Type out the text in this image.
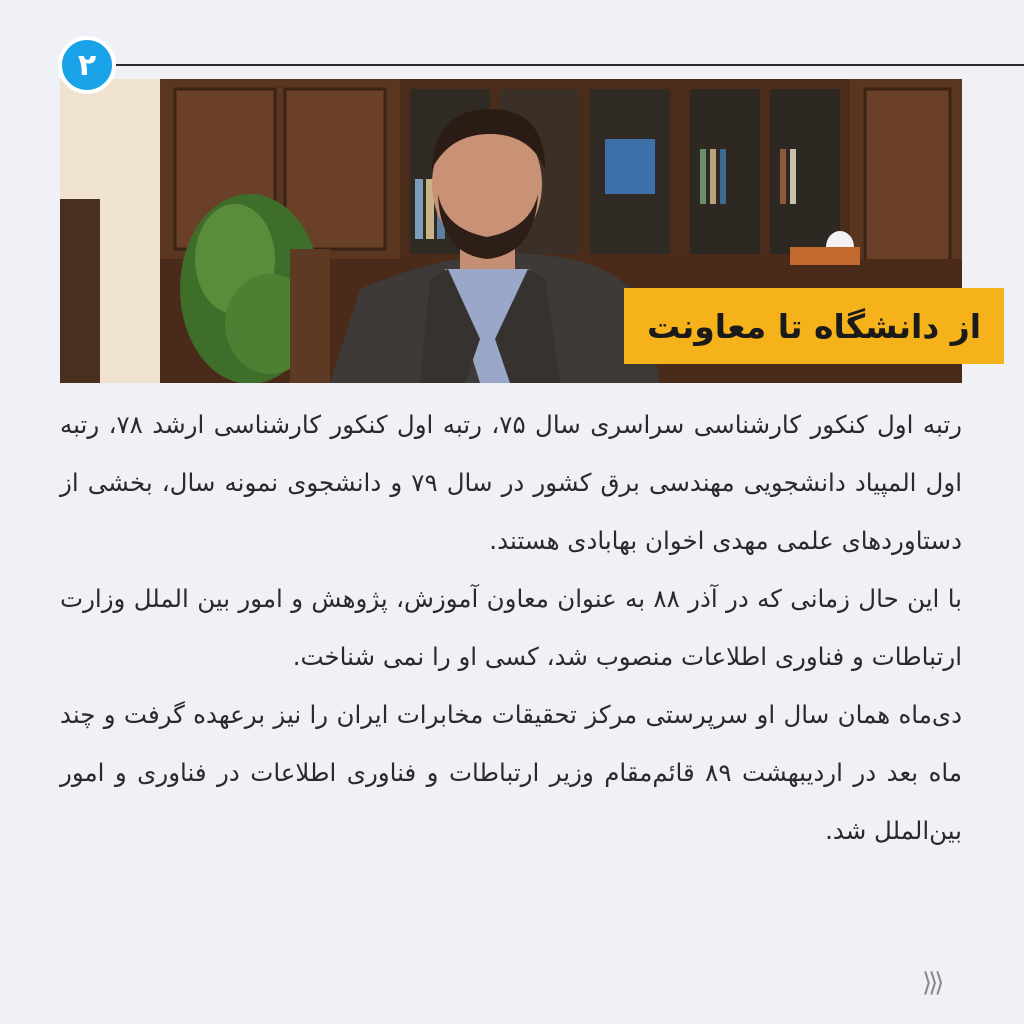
۲
از دانشگاه تا معاونت

رتبه اول کنکور کارشناسی سراسری سال ۷۵، رتبه اول کنکور کارشناسی ارشد ۷۸، رتبه اول المپیاد دانشجویی مهندسی برق کشور در سال ۷۹ و دانشجوی نمونه سال، بخشی از دستاوردهای علمی مهدی اخوان بهابادی هستند.

با این حال زمانی که در آذر ۸۸ به عنوان معاون آموزش، پژوهش و امور بین الملل وزارت ارتباطات و فناوری اطلاعات منصوب شد، کسی او را نمی شناخت.

دی‌ماه همان سال او سرپرستی مرکز تحقیقات مخابرات ایران را نیز برعهده گرفت و چند ماه بعد در اردیبهشت ۸۹ قائم‌مقام وزیر ارتباطات و فناوری اطلاعات در فناوری و امور بین‌الملل شد.

⟩⟩⟩
